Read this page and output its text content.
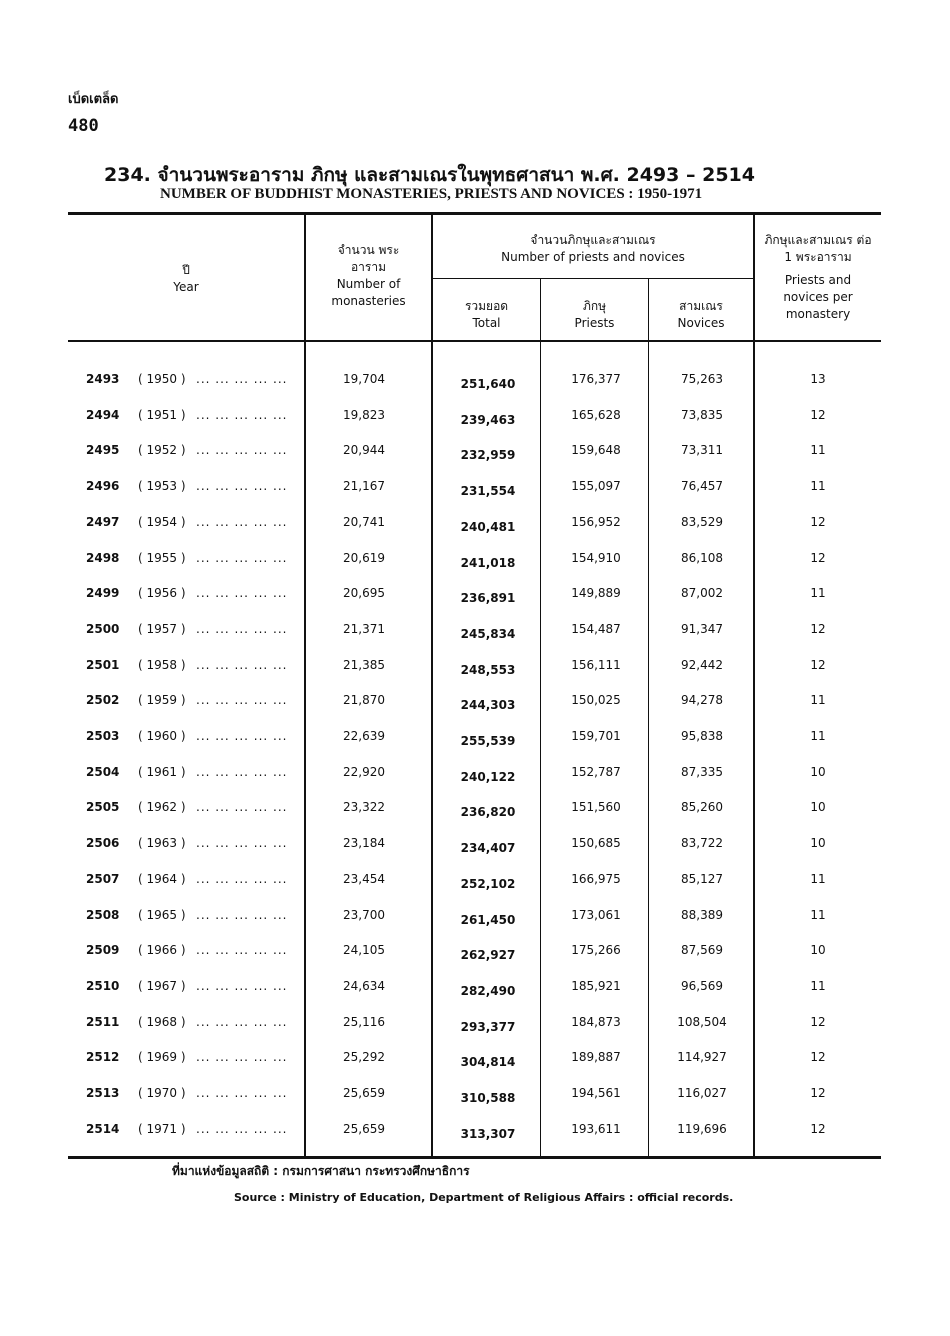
เบ็ดเตล็ด
480
234. จำนวนพระอาราม ภิกษุ และสามเณรในพุทธศาสนา พ.ศ. 2493 – 2514
NUMBER OF BUDDHIST MONASTERIES, PRIESTS AND NOVICES : 1950-1971
ปี
Year
จำนวน พระอาราม
Number of monasteries
จำนวนภิกษุและสามเณร
Number of priests and novices
รวมยอด
Total
ภิกษุ
Priests
สามเณร
Novices
ภิกษุและสามเณร ต่อ 1 พระอาราม
Priests and novices per monastery
2493 ( 1950 ) ... ... ... ... ...	19,704	251,640	176,377	75,263	13
2494 ( 1951 ) ... ... ... ... ...	19,823	239,463	165,628	73,835	12
2495 ( 1952 ) ... ... ... ... ...	20,944	232,959	159,648	73,311	11
2496 ( 1953 ) ... ... ... ... ...	21,167	231,554	155,097	76,457	11
2497 ( 1954 ) ... ... ... ... ...	20,741	240,481	156,952	83,529	12
2498 ( 1955 ) ... ... ... ... ...	20,619	241,018	154,910	86,108	12
2499 ( 1956 ) ... ... ... ... ...	20,695	236,891	149,889	87,002	11
2500 ( 1957 ) ... ... ... ... ...	21,371	245,834	154,487	91,347	12
2501 ( 1958 ) ... ... ... ... ...	21,385	248,553	156,111	92,442	12
2502 ( 1959 ) ... ... ... ... ...	21,870	244,303	150,025	94,278	11
2503 ( 1960 ) ... ... ... ... ...	22,639	255,539	159,701	95,838	11
2504 ( 1961 ) ... ... ... ... ...	22,920	240,122	152,787	87,335	10
2505 ( 1962 ) ... ... ... ... ...	23,322	236,820	151,560	85,260	10
2506 ( 1963 ) ... ... ... ... ...	23,184	234,407	150,685	83,722	10
2507 ( 1964 ) ... ... ... ... ...	23,454	252,102	166,975	85,127	11
2508 ( 1965 ) ... ... ... ... ...	23,700	261,450	173,061	88,389	11
2509 ( 1966 ) ... ... ... ... ...	24,105	262,927	175,266	87,569	10
2510 ( 1967 ) ... ... ... ... ...	24,634	282,490	185,921	96,569	11
2511 ( 1968 ) ... ... ... ... ...	25,116	293,377	184,873	108,504	12
2512 ( 1969 ) ... ... ... ... ...	25,292	304,814	189,887	114,927	12
2513 ( 1970 ) ... ... ... ... ...	25,659	310,588	194,561	116,027	12
2514 ( 1971 ) ... ... ... ... ...	25,659	313,307	193,611	119,696	12
ที่มาแห่งข้อมูลสถิติ : กรมการศาสนา กระทรวงศึกษาธิการ
Source : Ministry of Education, Department of Religious Affairs : official records.
